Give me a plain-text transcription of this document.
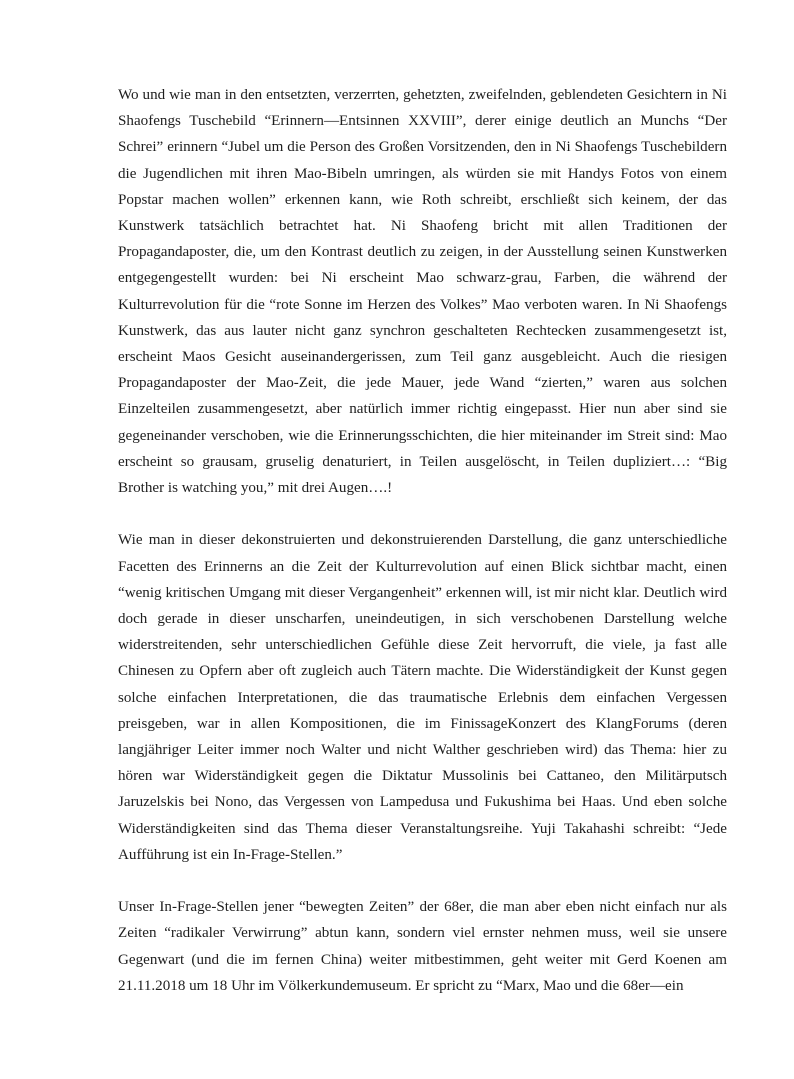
Wo und wie man in den entsetzten, verzerrten, gehetzten, zweifelnden, geblendeten Gesichtern in Ni Shaofengs Tuschebild “Erinnern—Entsinnen XXVIII”, derer einige deutlich an Munchs “Der Schrei” erinnern “Jubel um die Person des Großen Vorsitzenden, den in Ni Shaofengs Tuschebildern die Jugendlichen mit ihren Mao-Bibeln umringen, als würden sie mit Handys Fotos von einem Popstar machen wollen” erkennen kann, wie Roth schreibt, erschließt sich keinem, der das Kunstwerk tatsächlich betrachtet hat. Ni Shaofeng bricht mit allen Traditionen der Propagandaposter, die, um den Kontrast deutlich zu zeigen, in der Ausstellung seinen Kunstwerken entgegengestellt wurden: bei Ni erscheint Mao schwarz-grau, Farben, die während der Kulturrevolution für die “rote Sonne im Herzen des Volkes” Mao verboten waren. In Ni Shaofengs Kunstwerk, das aus lauter nicht ganz synchron geschalteten Rechtecken zusammengesetzt ist, erscheint Maos Gesicht auseinandergerissen, zum Teil ganz ausgebleicht. Auch die riesigen Propagandaposter der Mao-Zeit, die jede Mauer, jede Wand “zierten,” waren aus solchen Einzelteilen zusammengesetzt, aber natürlich immer richtig eingepasst. Hier nun aber sind sie gegeneinander verschoben, wie die Erinnerungsschichten, die hier miteinander im Streit sind: Mao erscheint so grausam, gruselig denaturiert, in Teilen ausgelöscht, in Teilen dupliziert…: “Big Brother is watching you,” mit drei Augen….!

Wie man in dieser dekonstruierten und dekonstruierenden Darstellung, die ganz unterschiedliche Facetten des Erinnerns an die Zeit der Kulturrevolution auf einen Blick sichtbar macht, einen “wenig kritischen Umgang mit dieser Vergangenheit” erkennen will, ist mir nicht klar. Deutlich wird doch gerade in dieser unscharfen, uneindeutigen, in sich verschobenen Darstellung welche widerstreitenden, sehr unterschiedlichen Gefühle diese Zeit hervorruft, die viele, ja fast alle Chinesen zu Opfern aber oft zugleich auch Tätern machte. Die Widerständigkeit der Kunst gegen solche einfachen Interpretationen, die das traumatische Erlebnis dem einfachen Vergessen preisgeben, war in allen Kompositionen, die im FinissageKonzert des KlangForums (deren langjähriger Leiter immer noch Walter und nicht Walther geschrieben wird) das Thema: hier zu hören war Widerständigkeit gegen die Diktatur Mussolinis bei Cattaneo, den Militärputsch Jaruzelskis bei Nono, das Vergessen von Lampedusa und Fukushima bei Haas. Und eben solche Widerständigkeiten sind das Thema dieser Veranstaltungsreihe. Yuji Takahashi schreibt: “Jede Aufführung ist ein In-Frage-Stellen.”

Unser In-Frage-Stellen jener “bewegten Zeiten” der 68er, die man aber eben nicht einfach nur als Zeiten “radikaler Verwirrung” abtun kann, sondern viel ernster nehmen muss, weil sie unsere Gegenwart (und die im fernen China) weiter mitbestimmen, geht weiter mit Gerd Koenen am 21.11.2018 um 18 Uhr im Völkerkundemuseum. Er spricht zu “Marx, Mao und die 68er—ein
